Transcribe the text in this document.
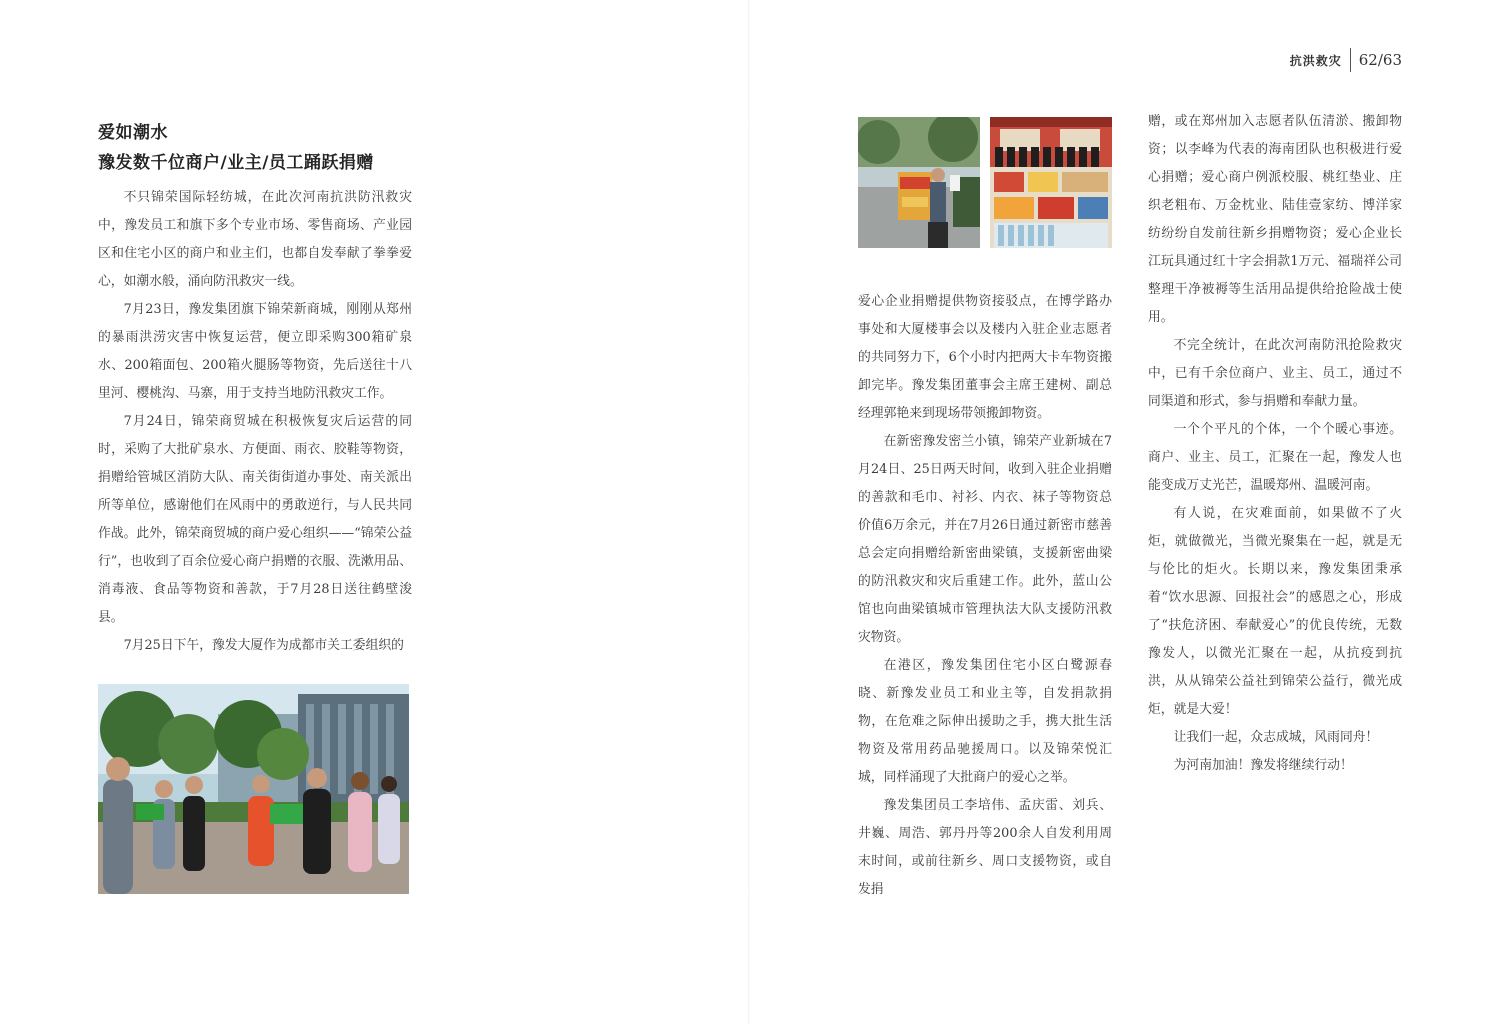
爱如潮水
豫发数千位商户/业主/员工踊跃捐赠

不只锦荣国际轻纺城，在此次河南抗洪防汛救灾中，豫发员工和旗下多个专业市场、零售商场、产业园区和住宅小区的商户和业主们，也都自发奉献了拳拳爱心，如潮水般，涌向防汛救灾一线。

7月23日，豫发集团旗下锦荣新商城，刚刚从郑州的暴雨洪涝灾害中恢复运营，便立即采购300箱矿泉水、200箱面包、200箱火腿肠等物资，先后送往十八里河、樱桃沟、马寨，用于支持当地防汛救灾工作。

7月24日，锦荣商贸城在积极恢复灾后运营的同时，采购了大批矿泉水、方便面、雨衣、胶鞋等物资，捐赠给管城区消防大队、南关街街道办事处、南关派出所等单位，感谢他们在风雨中的勇敢逆行，与人民共同作战。此外，锦荣商贸城的商户爱心组织——“锦荣公益行”，也收到了百余位爱心商户捐赠的衣服、洗漱用品、消毒液、食品等物资和善款，于7月28日送往鹤壁浚县。

7月25日下午，豫发大厦作为成都市关工委组织的

抗洪救灾	62/63

爱心企业捐赠提供物资接驳点，在博学路办事处和大厦楼事会以及楼内入驻企业志愿者的共同努力下，6个小时内把两大卡车物资搬卸完毕。豫发集团董事会主席王建树、副总经理郭艳来到现场带领搬卸物资。

在新密豫发密兰小镇，锦荣产业新城在7月24日、25日两天时间，收到入驻企业捐赠的善款和毛巾、衬衫、内衣、袜子等物资总价值6万余元，并在7月26日通过新密市慈善总会定向捐赠给新密曲梁镇，支援新密曲梁的防汛救灾和灾后重建工作。此外，蓝山公馆也向曲梁镇城市管理执法大队支援防汛救灾物资。

在港区，豫发集团住宅小区白鹭源春晓、新豫发业员工和业主等，自发捐款捐物，在危难之际伸出援助之手，携大批生活物资及常用药品驰援周口。以及锦荣悦汇城，同样涌现了大批商户的爱心之举。

豫发集团员工李培伟、孟庆雷、刘兵、井巍、周浩、郭丹丹等200余人自发利用周末时间，或前往新乡、周口支援物资，或自发捐

赠，或在郑州加入志愿者队伍清淤、搬卸物资；以李峰为代表的海南团队也积极进行爱心捐赠；爱心商户例派校服、桃红垫业、庄织老粗布、万金枕业、陆佳壹家纺、博洋家纺纷纷自发前往新乡捐赠物资；爱心企业长江玩具通过红十字会捐款1万元、福瑞祥公司整理干净被褥等生活用品提供给抢险战士使用。

不完全统计，在此次河南防汛抢险救灾中，已有千余位商户、业主、员工，通过不同渠道和形式，参与捐赠和奉献力量。

一个个平凡的个体，一个个暖心事迹。商户、业主、员工，汇聚在一起，豫发人也能变成万丈光芒，温暖郑州、温暖河南。

有人说，在灾难面前，如果做不了火炬，就做微光，当微光聚集在一起，就是无与伦比的炬火。长期以来，豫发集团秉承着“饮水思源、回报社会”的感恩之心，形成了“扶危济困、奉献爱心”的优良传统，无数豫发人，以微光汇聚在一起，从抗疫到抗洪，从从锦荣公益社到锦荣公益行，微光成炬，就是大爱！

让我们一起，众志成城，风雨同舟！

为河南加油！豫发将继续行动！
